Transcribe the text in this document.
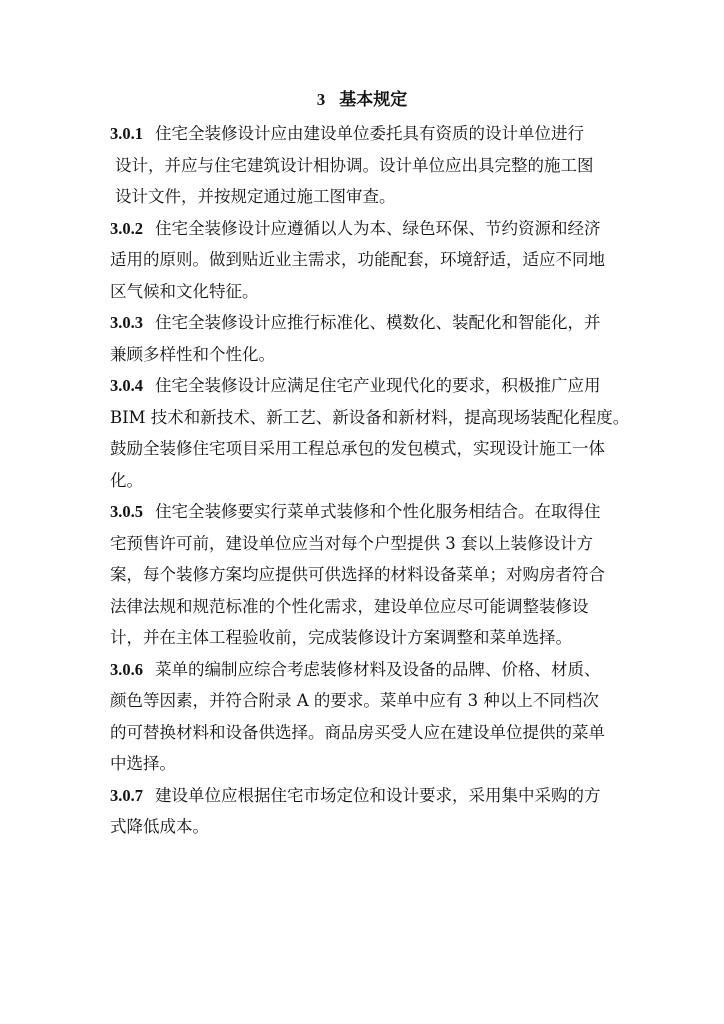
3 基本规定
3.0.1 住宅全装修设计应由建设单位委托具有资质的设计单位进行
设计，并应与住宅建筑设计相协调。设计单位应出具完整的施工图
设计文件，并按规定通过施工图审查。
3.0.2 住宅全装修设计应遵循以人为本、绿色环保、节约资源和经济
适用的原则。做到贴近业主需求，功能配套，环境舒适，适应不同地
区气候和文化特征。
3.0.3 住宅全装修设计应推行标准化、模数化、装配化和智能化，并
兼顾多样性和个性化。
3.0.4 住宅全装修设计应满足住宅产业现代化的要求，积极推广应用
BIM 技术和新技术、新工艺、新设备和新材料，提高现场装配化程度。
鼓励全装修住宅项目采用工程总承包的发包模式，实现设计施工一体
化。
3.0.5 住宅全装修要实行菜单式装修和个性化服务相结合。在取得住
宅预售许可前，建设单位应当对每个户型提供 3 套以上装修设计方
案，每个装修方案均应提供可供选择的材料设备菜单；对购房者符合
法律法规和规范标准的个性化需求，建设单位应尽可能调整装修设
计，并在主体工程验收前，完成装修设计方案调整和菜单选择。
3.0.6 菜单的编制应综合考虑装修材料及设备的品牌、价格、材质、
颜色等因素，并符合附录 A 的要求。菜单中应有 3 种以上不同档次
的可替换材料和设备供选择。商品房买受人应在建设单位提供的菜单
中选择。
3.0.7 建设单位应根据住宅市场定位和设计要求，采用集中采购的方
式降低成本。
